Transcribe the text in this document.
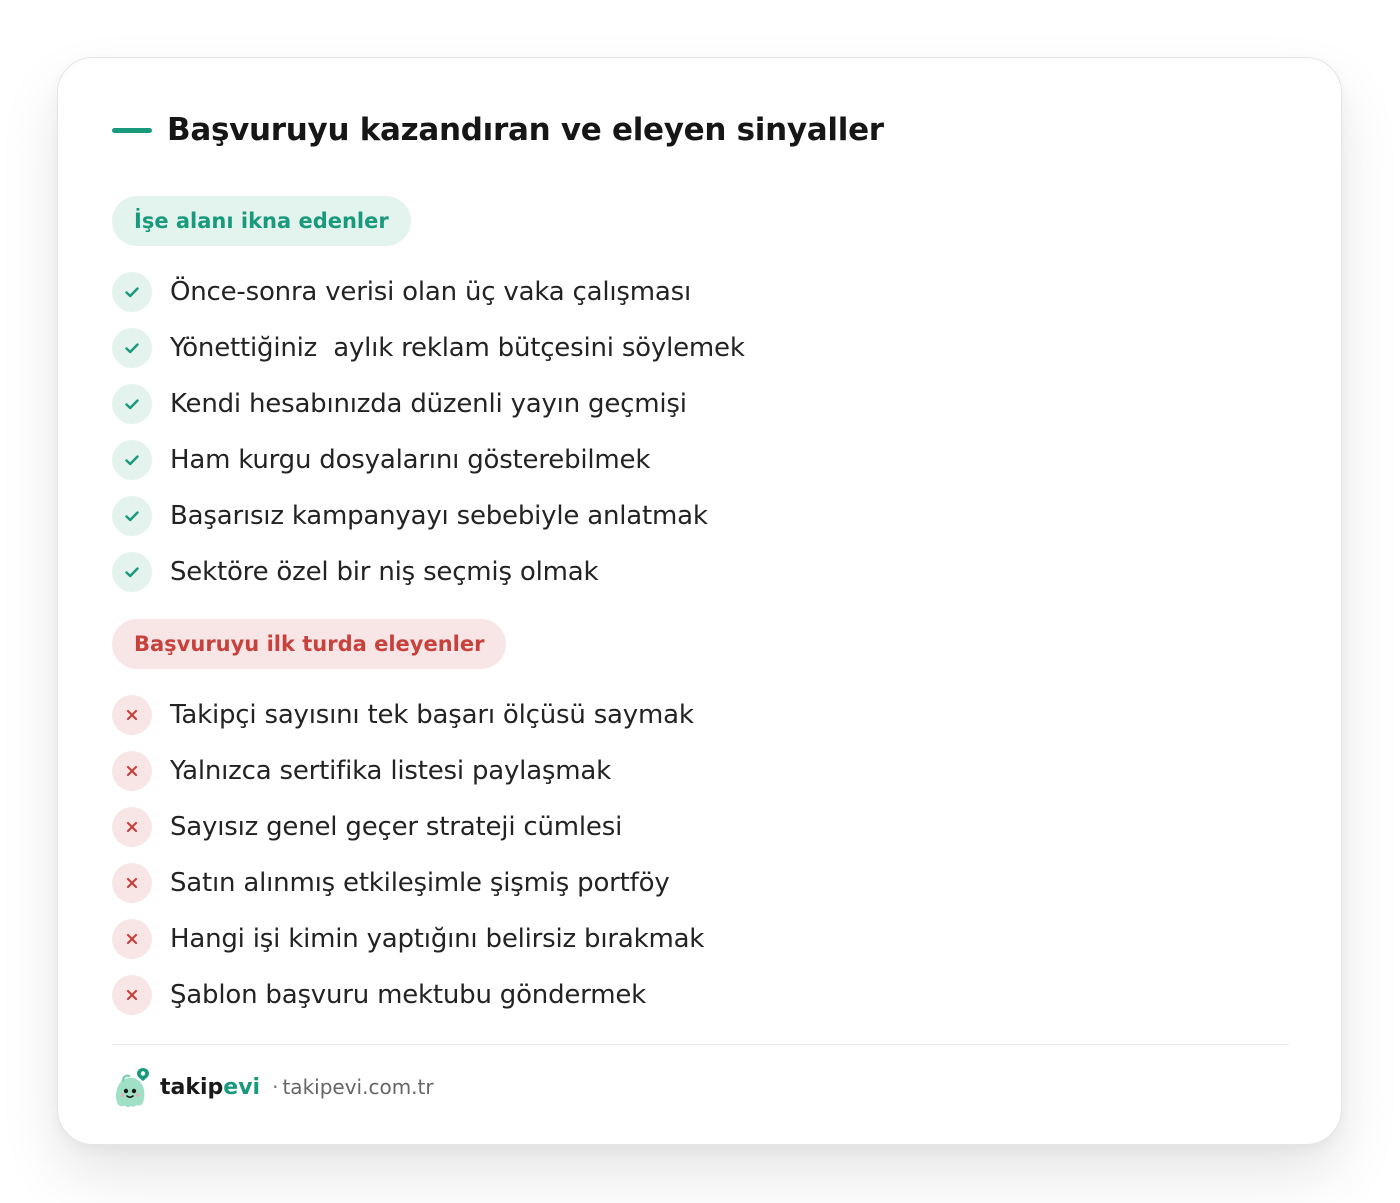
Başvuruyu kazandıran ve eleyen sinyaller
İşe alanı ikna edenler
Önce-sonra verisi olan üç vaka çalışması
Yönettiğiniz  aylık reklam bütçesini söylemek
Kendi hesabınızda düzenli yayın geçmişi
Ham kurgu dosyalarını gösterebilmek
Başarısız kampanyayı sebebiyle anlatmak
Sektöre özel bir niş seçmiş olmak
Başvuruyu ilk turda eleyenler
Takipçi sayısını tek başarı ölçüsü saymak
Yalnızca sertifika listesi paylaşmak
Sayısız genel geçer strateji cümlesi
Satın alınmış etkileşimle şişmiş portföy
Hangi işi kimin yaptığını belirsiz bırakmak
Şablon başvuru mektubu göndermek
takipevi · takipevi.com.tr
